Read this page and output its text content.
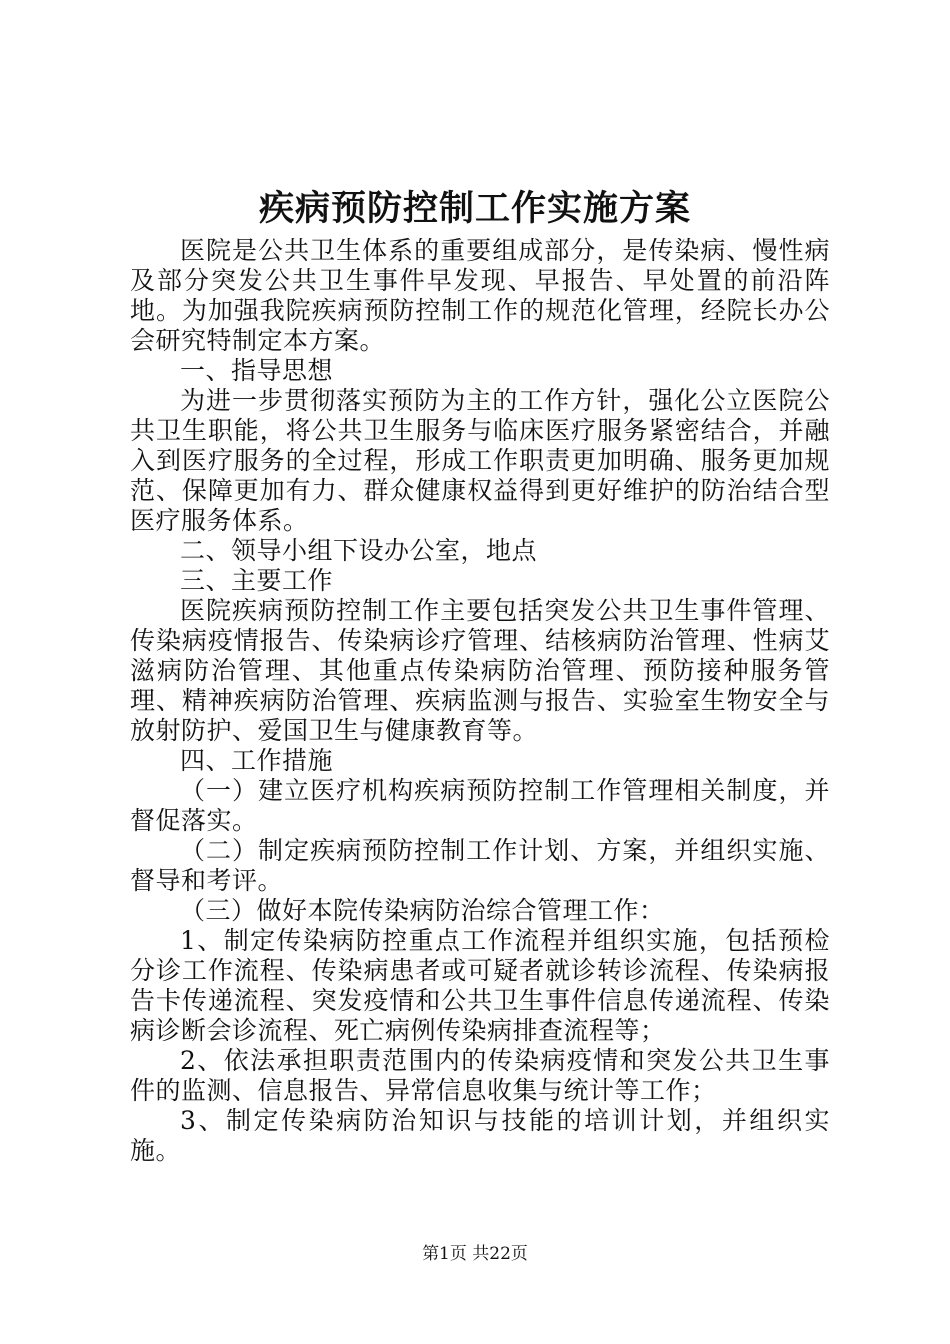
疾病预防控制工作实施方案

医院是公共卫生体系的重要组成部分，是传染病、慢性病及部分突发公共卫生事件早发现、早报告、早处置的前沿阵地。为加强我院疾病预防控制工作的规范化管理，经院长办公会研究特制定本方案。

一、指导思想

为进一步贯彻落实预防为主的工作方针，强化公立医院公共卫生职能，将公共卫生服务与临床医疗服务紧密结合，并融入到医疗服务的全过程，形成工作职责更加明确、服务更加规范、保障更加有力、群众健康权益得到更好维护的防治结合型医疗服务体系。

二、领导小组下设办公室，地点

三、主要工作

医院疾病预防控制工作主要包括突发公共卫生事件管理、传染病疫情报告、传染病诊疗管理、结核病防治管理、性病艾滋病防治管理、其他重点传染病防治管理、预防接种服务管理、精神疾病防治管理、疾病监测与报告、实验室生物安全与放射防护、爱国卫生与健康教育等。

四、工作措施

（一）建立医疗机构疾病预防控制工作管理相关制度，并督促落实。

（二）制定疾病预防控制工作计划、方案，并组织实施、督导和考评。

（三）做好本院传染病防治综合管理工作：

1、制定传染病防控重点工作流程并组织实施，包括预检分诊工作流程、传染病患者或可疑者就诊转诊流程、传染病报告卡传递流程、突发疫情和公共卫生事件信息传递流程、传染病诊断会诊流程、死亡病例传染病排查流程等；

2、依法承担职责范围内的传染病疫情和突发公共卫生事件的监测、信息报告、异常信息收集与统计等工作；

3、制定传染病防治知识与技能的培训计划，并组织实施。

第1页 共22页
